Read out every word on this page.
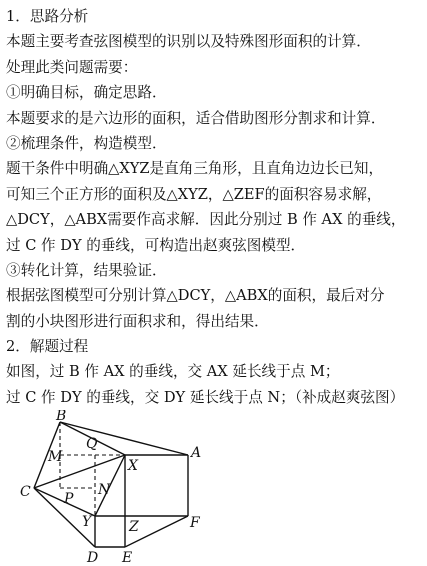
1．思路分析
本题主要考查弦图模型的识别以及特殊图形面积的计算．
处理此类问题需要：
①明确目标，确定思路．
本题要求的是六边形的面积，适合借助图形分割求和计算．
②梳理条件，构造模型．
题干条件中明确△XYZ是直角三角形，且直角边边长已知，
可知三个正方形的面积及△XYZ，△ZEF的面积容易求解，
△DCY，△ABX需要作高求解．因此分别过 B 作 AX 的垂线，
过 C 作 DY 的垂线，可构造出赵爽弦图模型．
③转化计算，结果验证．
根据弦图模型可分别计算△DCY，△ABX的面积，最后对分
割的小块图形进行面积求和，得出结果．
2．解题过程
如图，过 B 作 AX 的垂线，交 AX 延长线于点 M；
过 C 作 DY 的垂线，交 DY 延长线于点 N；（补成赵爽弦图）
B
Q
A
M
X
C P
N
Y	Z	F
D E
